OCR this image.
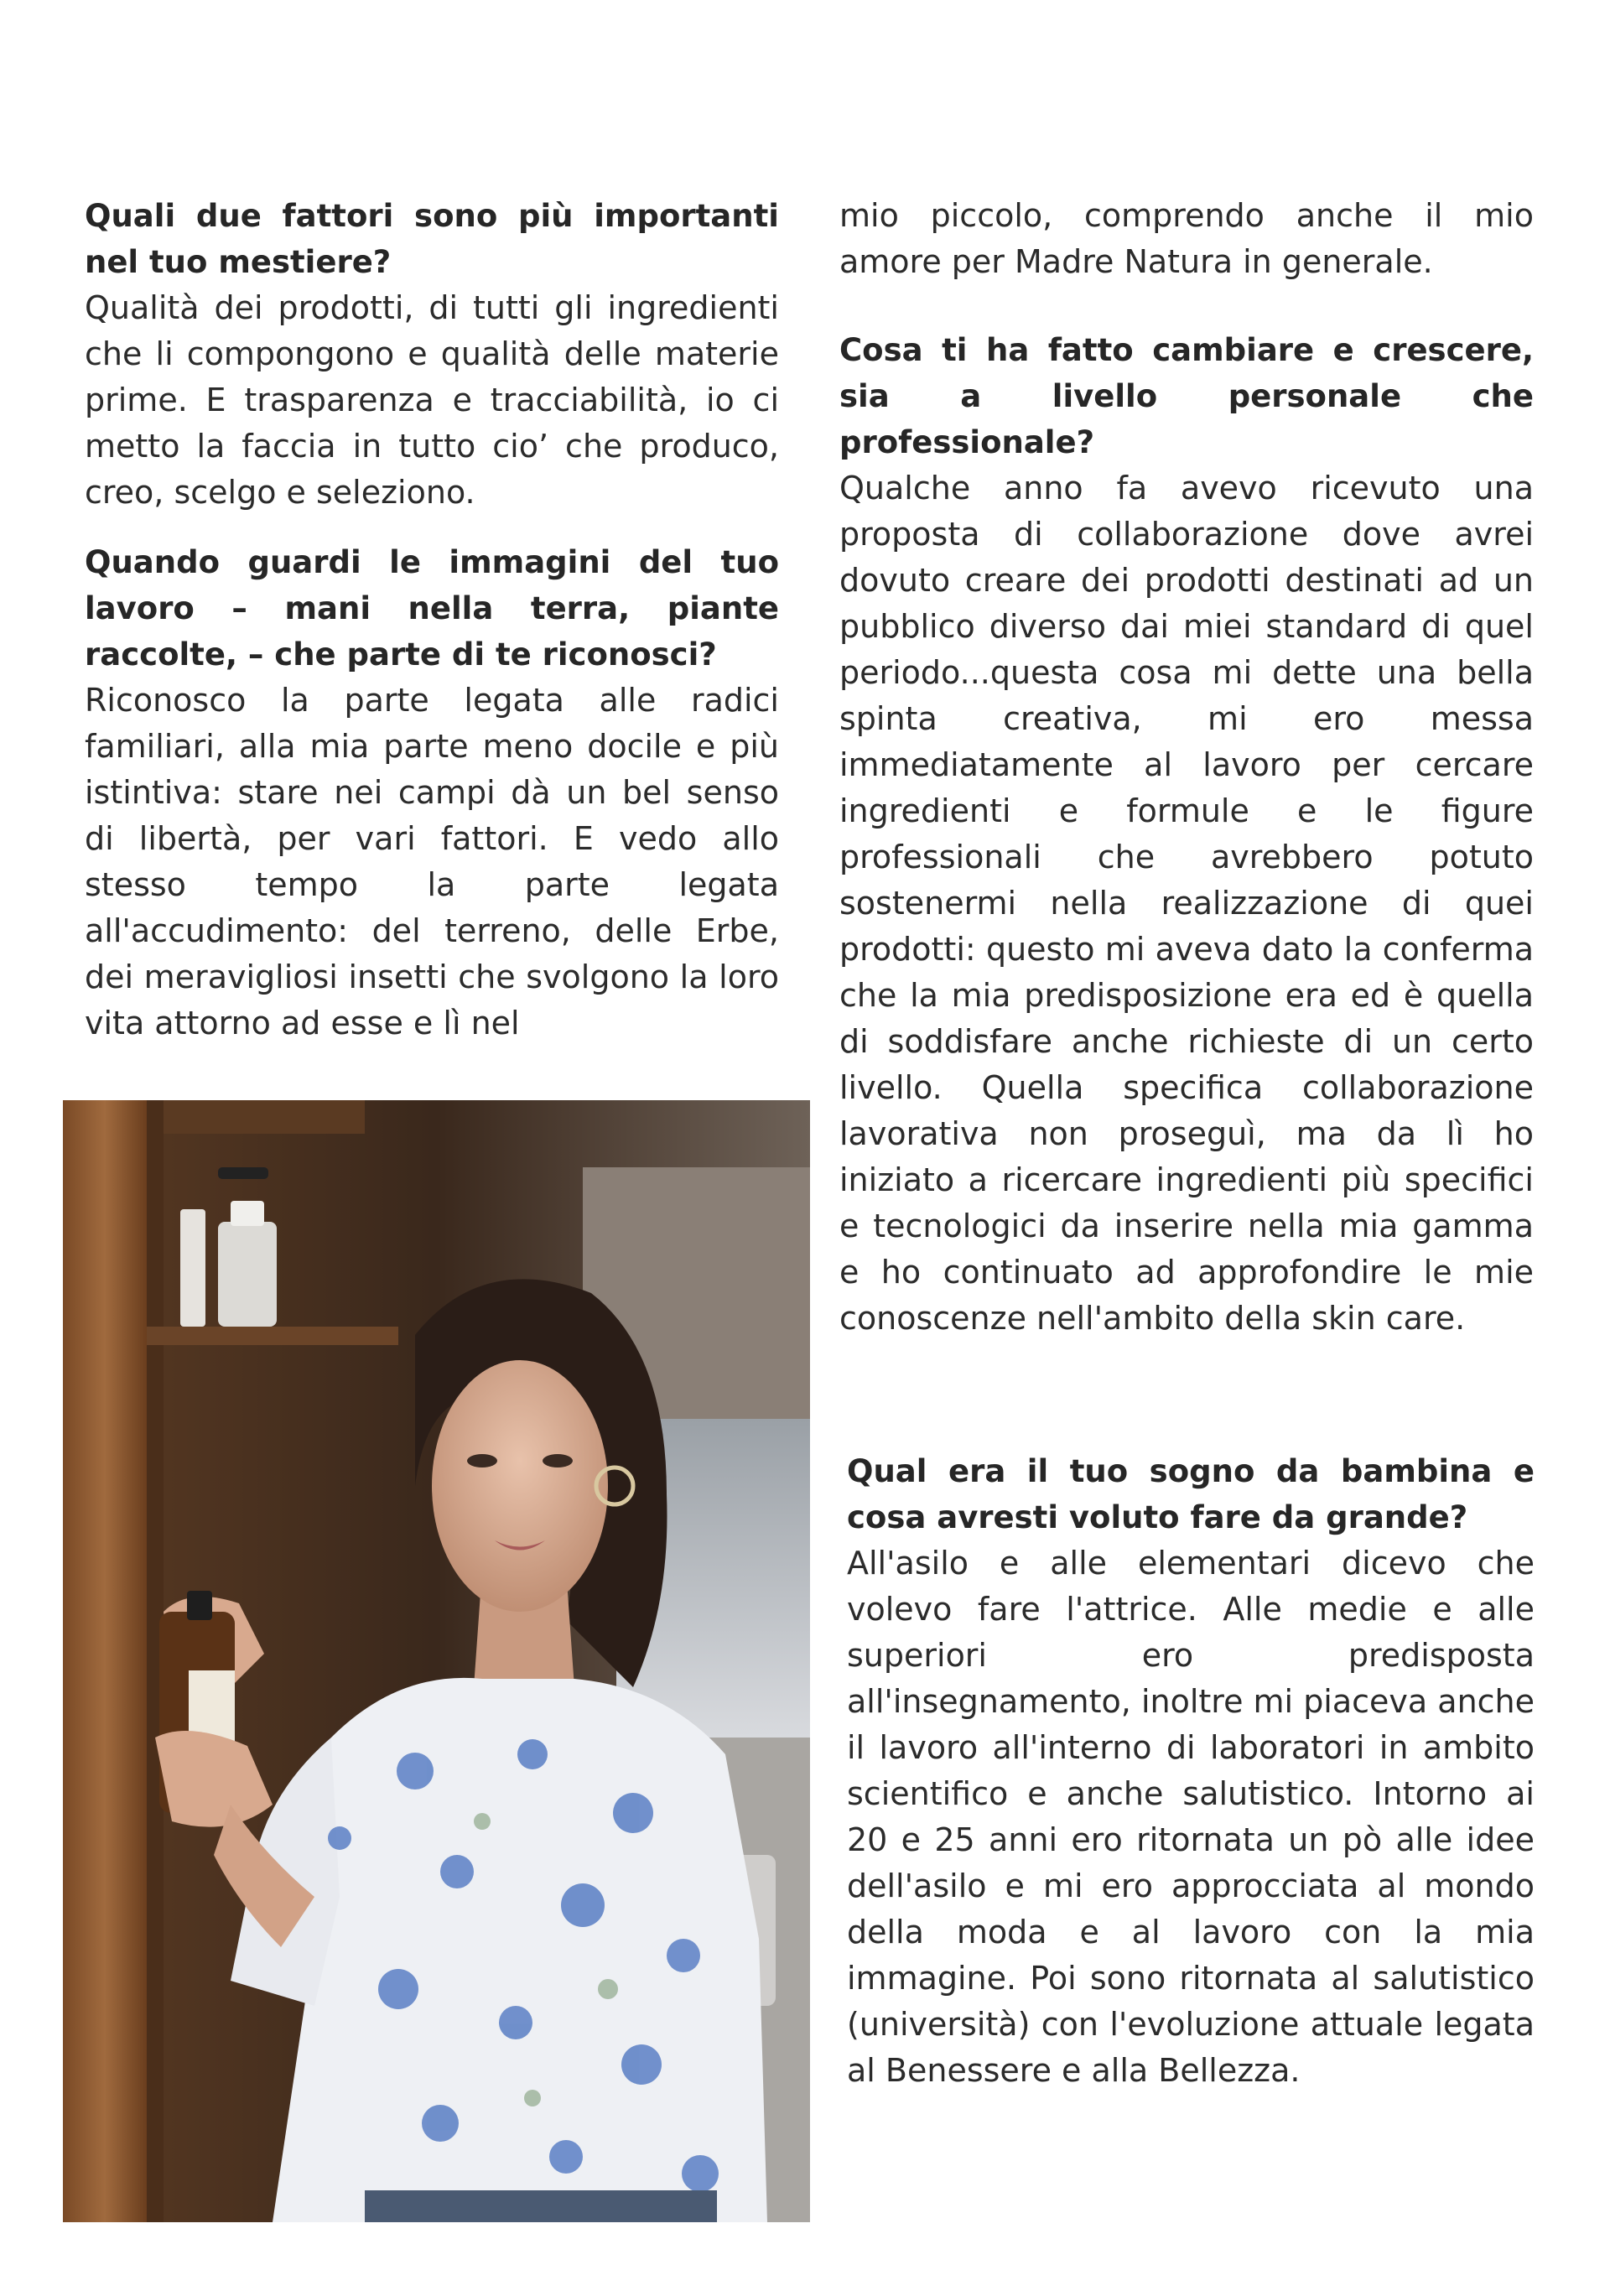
Quali due fattori sono più importanti nel tuo mestiere?

Qualità dei prodotti, di tutti gli ingredienti che li compongono e qualità delle materie prime. E trasparenza e tracciabilità, io ci metto la faccia in tutto cio’ che produco, creo, scelgo e seleziono.

Quando guardi le immagini del tuo lavoro – mani nella terra, piante raccolte, – che parte di te riconosci?

Riconosco la parte legata alle radici familiari, alla mia parte meno docile e più istintiva: stare nei campi dà un bel senso di libertà, per vari fattori. E vedo allo stesso tempo la parte legata all'accudimento: del terreno, delle Erbe, dei meravigliosi insetti che svolgono la loro vita attorno ad esse e lì nel

mio piccolo, comprendo anche il mio amore per Madre Natura in generale.

Cosa ti ha fatto cambiare e crescere, sia a livello personale che professionale?

Qualche anno fa avevo ricevuto una proposta di collaborazione dove avrei dovuto creare dei prodotti destinati ad un pubblico diverso dai miei standard di quel periodo...questa cosa mi dette una bella spinta creativa, mi ero messa immediatamente al lavoro per cercare ingredienti e formule e le figure professionali che avrebbero potuto sostenermi nella realizzazione di quei prodotti: questo mi aveva dato la conferma che la mia predisposizione era ed è quella di soddisfare anche richieste di un certo livello. Quella specifica collaborazione lavorativa non proseguì, ma da lì ho iniziato a ricercare ingredienti più specifici e tecnologici da inserire nella mia gamma e ho continuato ad approfondire le mie conoscenze nell'ambito della skin care.

Qual era il tuo sogno da bambina e cosa avresti voluto fare da grande?

All'asilo e alle elementari dicevo che volevo fare l'attrice. Alle medie e alle superiori ero predisposta all'insegnamento, inoltre mi piaceva anche il lavoro all'interno di laboratori in ambito scientifico e anche salutistico. Intorno ai 20 e 25 anni ero ritornata un pò alle idee dell'asilo e mi ero approcciata al mondo della moda e al lavoro con la mia immagine. Poi sono ritornata al salutistico (università) con l'evoluzione attuale legata al Benessere e alla Bellezza.
